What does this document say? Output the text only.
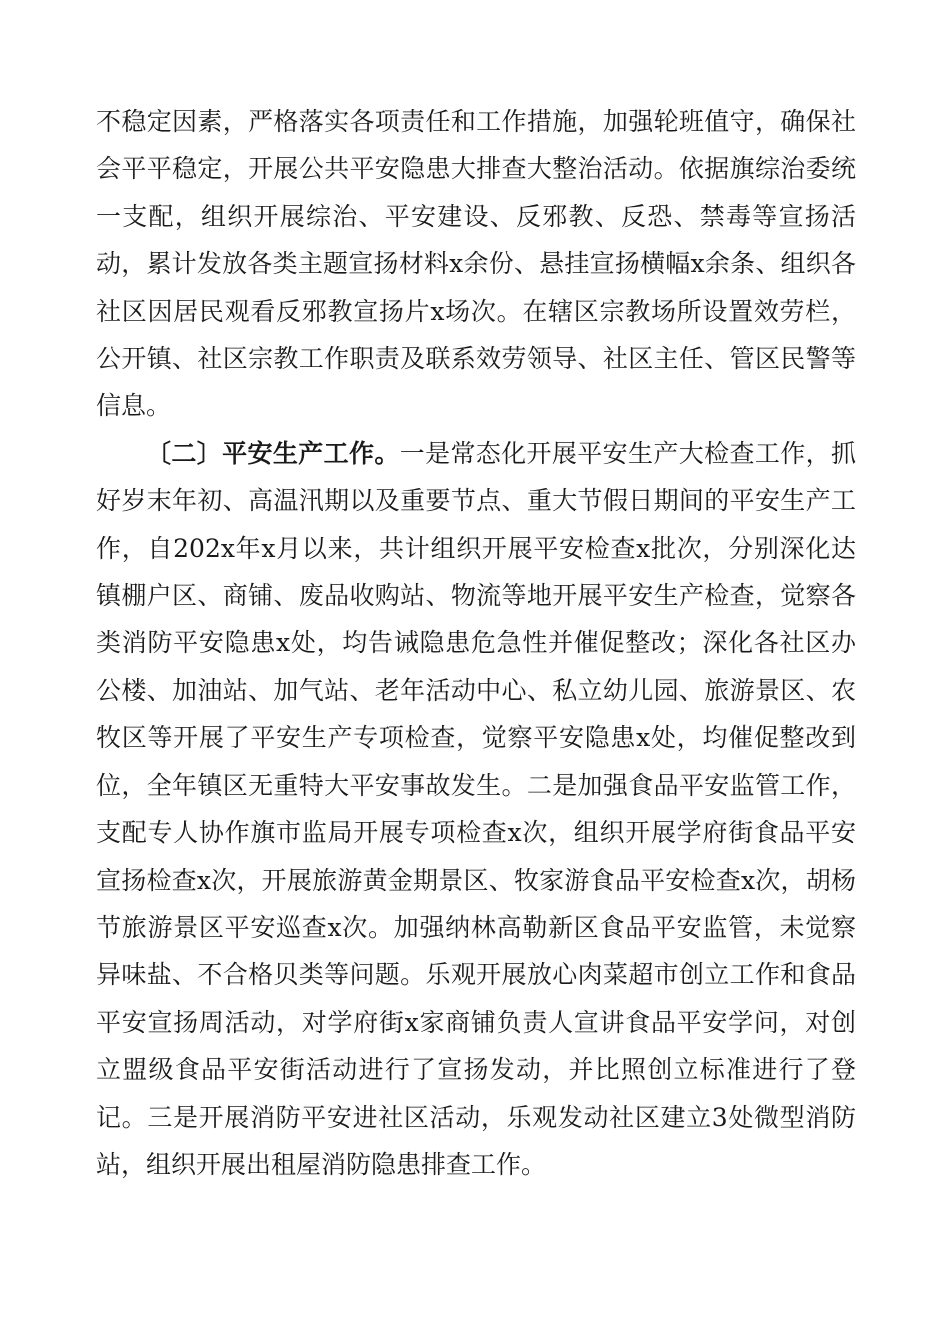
不稳定因素，严格落实各项责任和工作措施，加强轮班值守，确保社会平平稳定，开展公共平安隐患大排查大整治活动。依据旗综治委统一支配，组织开展综治、平安建设、反邪教、反恐、禁毒等宣扬活动，累计发放各类主题宣扬材料x余份、悬挂宣扬横幅x余条、组织各社区因居民观看反邪教宣扬片x场次。在辖区宗教场所设置效劳栏，公开镇、社区宗教工作职责及联系效劳领导、社区主任、管区民警等信息。

〔二〕平安生产工作。一是常态化开展平安生产大检查工作，抓好岁末年初、高温汛期以及重要节点、重大节假日期间的平安生产工作，自202x年x月以来，共计组织开展平安检查x批次，分别深化达镇棚户区、商铺、废品收购站、物流等地开展平安生产检查，觉察各类消防平安隐患x处，均告诫隐患危急性并催促整改；深化各社区办公楼、加油站、加气站、老年活动中心、私立幼儿园、旅游景区、农牧区等开展了平安生产专项检查，觉察平安隐患x处，均催促整改到位，全年镇区无重特大平安事故发生。二是加强食品平安监管工作，支配专人协作旗市监局开展专项检查x次，组织开展学府街食品平安宣扬检查x次，开展旅游黄金期景区、牧家游食品平安检查x次，胡杨节旅游景区平安巡查x次。加强纳林高勒新区食品平安监管，未觉察异味盐、不合格贝类等问题。乐观开展放心肉菜超市创立工作和食品平安宣扬周活动，对学府街x家商铺负责人宣讲食品平安学问，对创立盟级食品平安街活动进行了宣扬发动，并比照创立标准进行了登记。三是开展消防平安进社区活动，乐观发动社区建立3处微型消防站，组织开展出租屋消防隐患排查工作。
